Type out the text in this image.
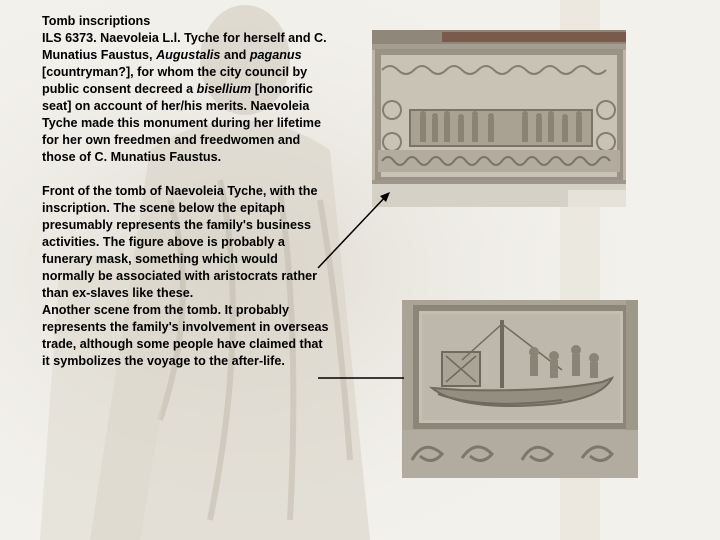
Tomb inscriptions

ILS 6373. Naevoleia L.l. Tyche for herself and C. Munatius Faustus, Augustalis and paganus [countryman?], for whom the city council by public consent decreed a bisellium [honorific seat] on account of her/his merits. Naevoleia Tyche made this monument during her lifetime for her own freedmen and freedwomen and those of C. Munatius Faustus.

Front of the tomb of Naevoleia Tyche, with the inscription. The scene below the epitaph presumably represents the family's business activities. The figure above is probably a funerary mask, something which would normally be associated with aristocrats rather than ex-slaves like these.

Another scene from the tomb. It probably represents the family's involvement in overseas trade, although some people have claimed that it symbolizes the voyage to the after-life.
